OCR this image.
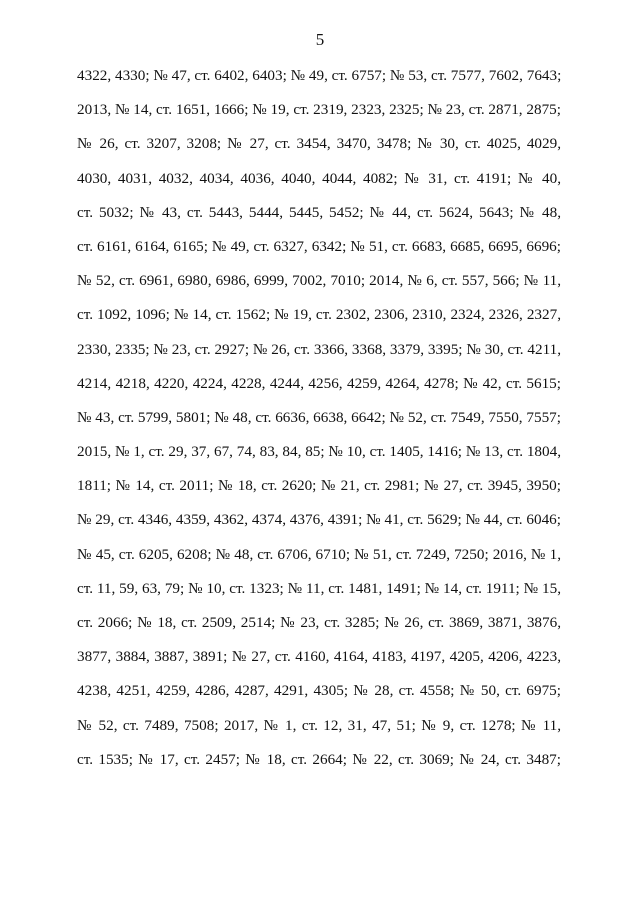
5
4322, 4330; № 47, ст. 6402, 6403; № 49, ст. 6757; № 53, ст. 7577, 7602, 7643;
2013, № 14, ст. 1651, 1666; № 19, ст. 2319, 2323, 2325; № 23, ст. 2871, 2875;
№ 26, ст. 3207, 3208; № 27, ст. 3454, 3470, 3478; № 30, ст. 4025, 4029,
4030, 4031, 4032, 4034, 4036, 4040, 4044, 4082; № 31, ст. 4191; № 40,
ст. 5032; № 43, ст. 5443, 5444, 5445, 5452; № 44, ст. 5624, 5643; № 48,
ст. 6161, 6164, 6165; № 49, ст. 6327, 6342; № 51, ст. 6683, 6685, 6695, 6696;
№ 52, ст. 6961, 6980, 6986, 6999, 7002, 7010; 2014, № 6, ст. 557, 566; № 11,
ст. 1092, 1096; № 14, ст. 1562; № 19, ст. 2302, 2306, 2310, 2324, 2326, 2327,
2330, 2335; № 23, ст. 2927; № 26, ст. 3366, 3368, 3379, 3395; № 30, ст. 4211,
4214, 4218, 4220, 4224, 4228, 4244, 4256, 4259, 4264, 4278; № 42, ст. 5615;
№ 43, ст. 5799, 5801; № 48, ст. 6636, 6638, 6642; № 52, ст. 7549, 7550, 7557;
2015, № 1, ст. 29, 37, 67, 74, 83, 84, 85; № 10, ст. 1405, 1416; № 13, ст. 1804,
1811; № 14, ст. 2011; № 18, ст. 2620; № 21, ст. 2981; № 27, ст. 3945, 3950;
№ 29, ст. 4346, 4359, 4362, 4374, 4376, 4391; № 41, ст. 5629; № 44, ст. 6046;
№ 45, ст. 6205, 6208; № 48, ст. 6706, 6710; № 51, ст. 7249, 7250; 2016, № 1,
ст. 11, 59, 63, 79; № 10, ст. 1323; № 11, ст. 1481, 1491; № 14, ст. 1911; № 15,
ст. 2066; № 18, ст. 2509, 2514; № 23, ст. 3285; № 26, ст. 3869, 3871, 3876,
3877, 3884, 3887, 3891; № 27, ст. 4160, 4164, 4183, 4197, 4205, 4206, 4223,
4238, 4251, 4259, 4286, 4287, 4291, 4305; № 28, ст. 4558; № 50, ст. 6975;
№ 52, ст. 7489, 7508; 2017, № 1, ст. 12, 31, 47, 51; № 9, ст. 1278; № 11,
ст. 1535; № 17, ст. 2457; № 18, ст. 2664; № 22, ст. 3069; № 24, ст. 3487;
